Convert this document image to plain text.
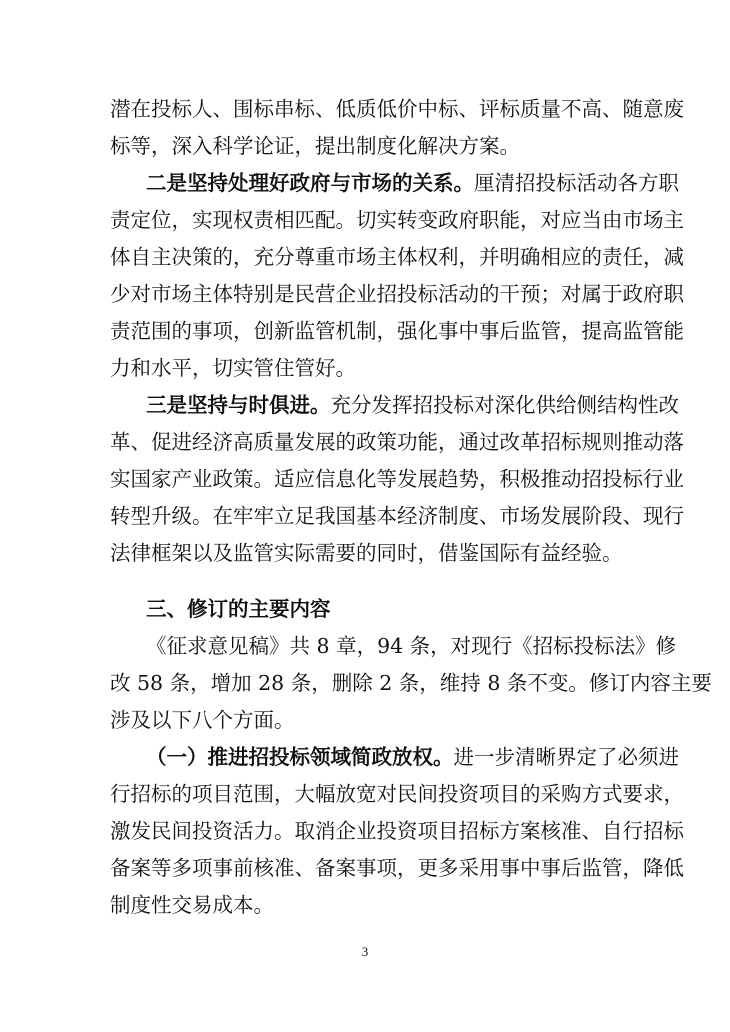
潜在投标人、围标串标、低质低价中标、评标质量不高、随意废
标等，深入科学论证，提出制度化解决方案。
二是坚持处理好政府与市场的关系。厘清招投标活动各方职
责定位，实现权责相匹配。切实转变政府职能，对应当由市场主
体自主决策的，充分尊重市场主体权利，并明确相应的责任，减
少对市场主体特别是民营企业招投标活动的干预；对属于政府职
责范围的事项，创新监管机制，强化事中事后监管，提高监管能
力和水平，切实管住管好。
三是坚持与时俱进。充分发挥招投标对深化供给侧结构性改
革、促进经济高质量发展的政策功能，通过改革招标规则推动落
实国家产业政策。适应信息化等发展趋势，积极推动招投标行业
转型升级。在牢牢立足我国基本经济制度、市场发展阶段、现行
法律框架以及监管实际需要的同时，借鉴国际有益经验。
三、修订的主要内容
《征求意见稿》共 8 章，94 条，对现行《招标投标法》修
改 58 条，增加 28 条，删除 2 条，维持 8 条不变。修订内容主要
涉及以下八个方面。
（一）推进招投标领域简政放权。进一步清晰界定了必须进
行招标的项目范围，大幅放宽对民间投资项目的采购方式要求，
激发民间投资活力。取消企业投资项目招标方案核准、自行招标
备案等多项事前核准、备案事项，更多采用事中事后监管，降低
制度性交易成本。
3
